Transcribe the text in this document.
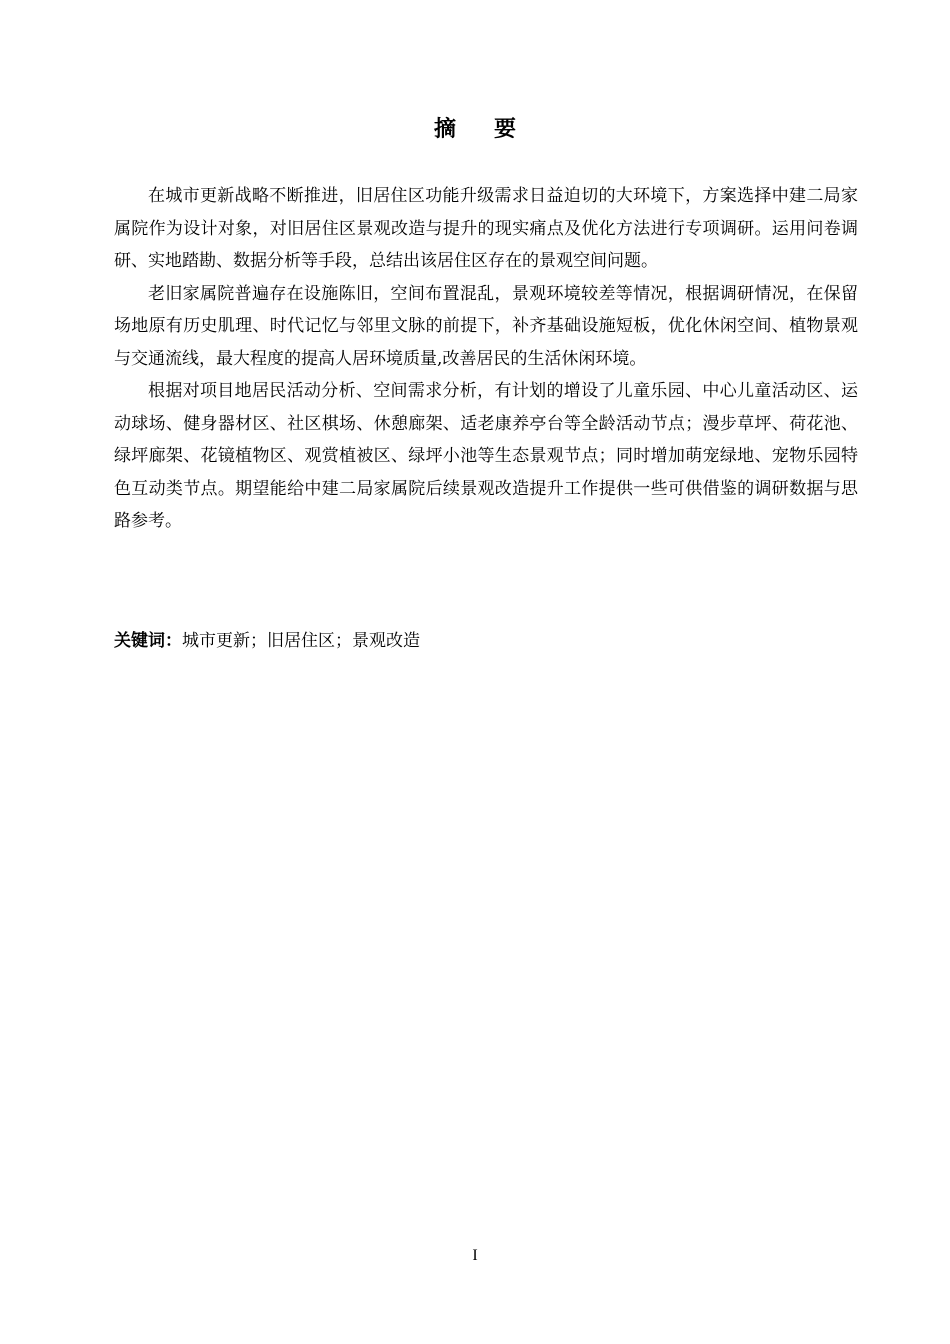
摘要

在城市更新战略不断推进，旧居住区功能升级需求日益迫切的大环境下，方案选择中建二局家属院作为设计对象，对旧居住区景观改造与提升的现实痛点及优化方法进行专项调研。运用问卷调研、实地踏勘、数据分析等手段，总结出该居住区存在的景观空间问题。

老旧家属院普遍存在设施陈旧，空间布置混乱，景观环境较差等情况，根据调研情况，在保留场地原有历史肌理、时代记忆与邻里文脉的前提下，补齐基础设施短板，优化休闲空间、植物景观与交通流线，最大程度的提高人居环境质量,改善居民的生活休闲环境。

根据对项目地居民活动分析、空间需求分析，有计划的增设了儿童乐园、中心儿童活动区、运动球场、健身器材区、社区棋场、休憩廊架、适老康养亭台等全龄活动节点；漫步草坪、荷花池、绿坪廊架、花镜植物区、观赏植被区、绿坪小池等生态景观节点；同时增加萌宠绿地、宠物乐园特色互动类节点。期望能给中建二局家属院后续景观改造提升工作提供一些可供借鉴的调研数据与思路参考。

关键词：城市更新；旧居住区；景观改造
I
